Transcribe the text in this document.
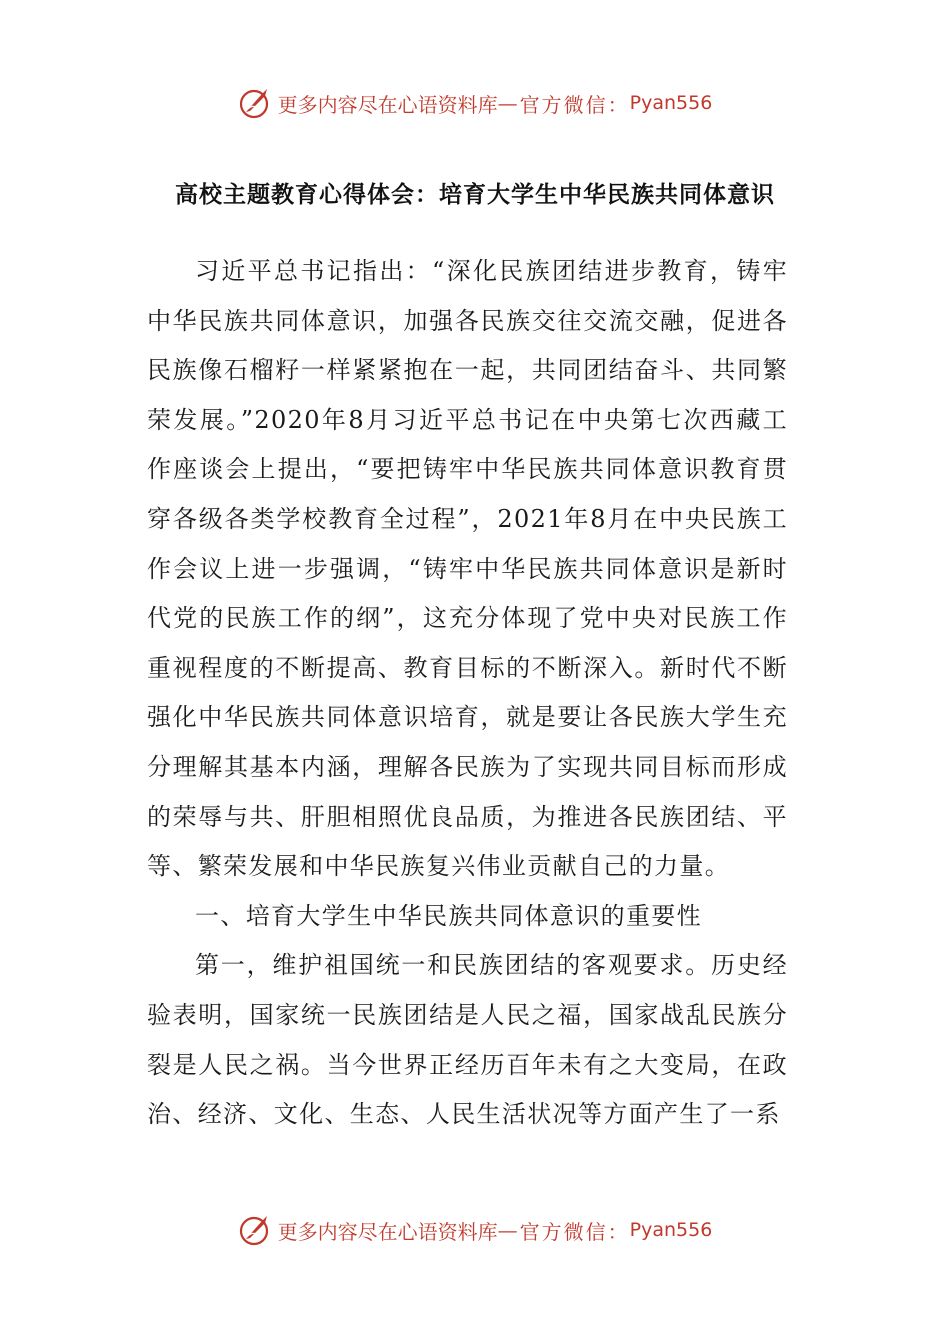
更多内容尽在心语资料库 — 官方微信： Pyan556
高校主题教育心得体会：培育大学生中华民族共同体意识

习近平总书记指出：“深化民族团结进步教育，铸牢中华民族共同体意识，加强各民族交往交流交融，促进各民族像石榴籽一样紧紧抱在一起，共同团结奋斗、共同繁荣发展。”2020年8月习近平总书记在中央第七次西藏工作座谈会上提出，“要把铸牢中华民族共同体意识教育贯穿各级各类学校教育全过程”，2021年8月在中央民族工作会议上进一步强调，“铸牢中华民族共同体意识是新时代党的民族工作的纲”，这充分体现了党中央对民族工作重视程度的不断提高、教育目标的不断深入。新时代不断强化中华民族共同体意识培育，就是要让各民族大学生充分理解其基本内涵，理解各民族为了实现共同目标而形成的荣辱与共、肝胆相照优良品质，为推进各民族团结、平等、繁荣发展和中华民族复兴伟业贡献自己的力量。

一、培育大学生中华民族共同体意识的重要性

第一，维护祖国统一和民族团结的客观要求。历史经验表明，国家统一民族团结是人民之福，国家战乱民族分裂是人民之祸。当今世界正经历百年未有之大变局，在政治、经济、文化、生态、人民生活状况等方面产生了一系

更多内容尽在心语资料库 — 官方微信： Pyan556
